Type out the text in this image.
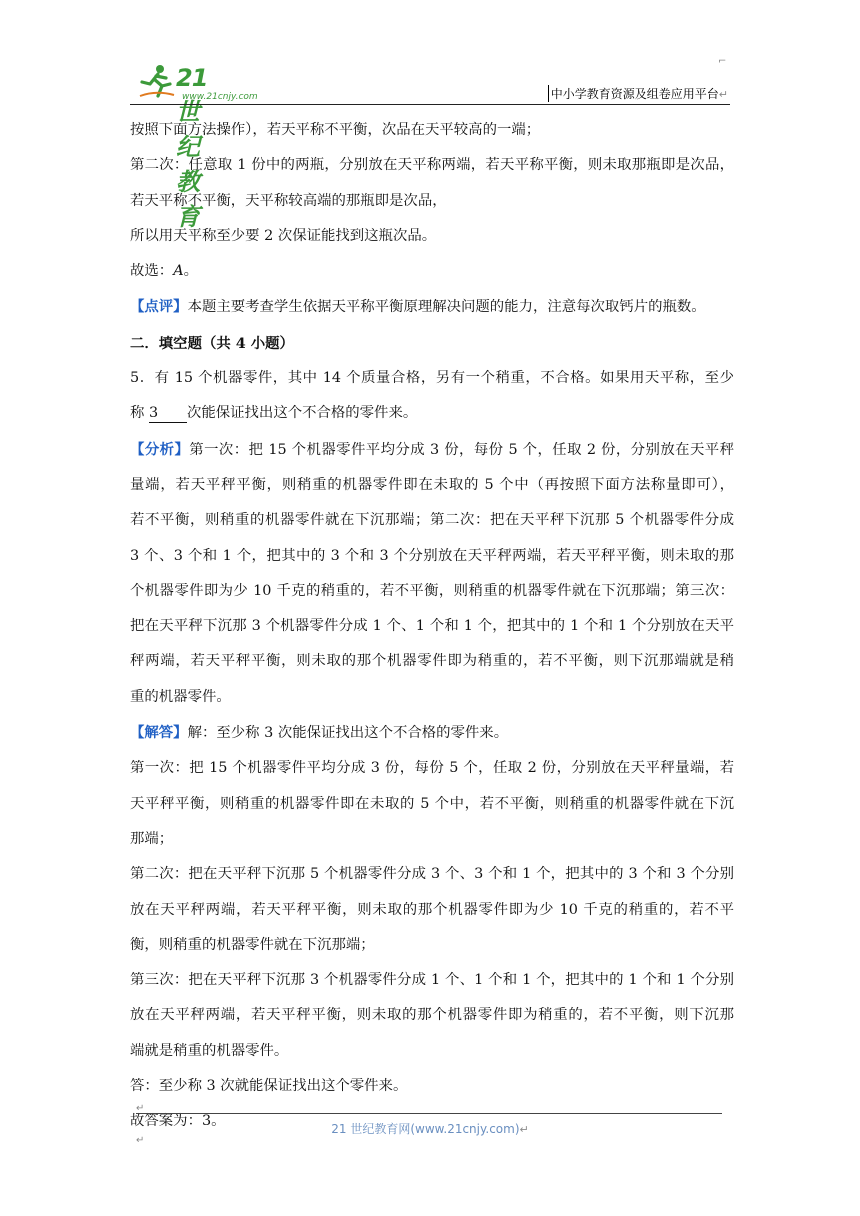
21世纪教育
www.21cnjy.com	中小学教育资源及组卷应用平台↵
⌐

按照下面方法操作），若天平称不平衡，次品在天平较高的一端；

第二次：任意取 1 份中的两瓶，分别放在天平称两端，若天平称平衡，则未取那瓶即是次品，

若天平称不平衡，天平称较高端的那瓶即是次品，

所以用天平称至少要 2 次保证能找到这瓶次品。

故选：A。

【点评】本题主要考查学生依据天平称平衡原理解决问题的能力，注意每次取钙片的瓶数。

二．填空题（共 4 小题）

5．有 15 个机器零件，其中 14 个质量合格，另有一个稍重，不合格。如果用天平称，至少

称 3 次能保证找出这个不合格的零件来。

【分析】第一次：把 15 个机器零件平均分成 3 份，每份 5 个，任取 2 份，分别放在天平秤

量端，若天平秤平衡，则稍重的机器零件即在未取的 5 个中（再按照下面方法称量即可），

若不平衡，则稍重的机器零件就在下沉那端；第二次：把在天平秤下沉那 5 个机器零件分成

3 个、3 个和 1 个，把其中的 3 个和 3 个分别放在天平秤两端，若天平秤平衡，则未取的那

个机器零件即为少 10 千克的稍重的，若不平衡，则稍重的机器零件就在下沉那端；第三次：

把在天平秤下沉那 3 个机器零件分成 1 个、1 个和 1 个，把其中的 1 个和 1 个分别放在天平

秤两端，若天平秤平衡，则未取的那个机器零件即为稍重的，若不平衡，则下沉那端就是稍

重的机器零件。

【解答】解：至少称 3 次能保证找出这个不合格的零件来。

第一次：把 15 个机器零件平均分成 3 份，每份 5 个，任取 2 份，分别放在天平秤量端，若

天平秤平衡，则稍重的机器零件即在未取的 5 个中，若不平衡，则稍重的机器零件就在下沉

那端；

第二次：把在天平秤下沉那 5 个机器零件分成 3 个、3 个和 1 个，把其中的 3 个和 3 个分别

放在天平秤两端，若天平秤平衡，则未取的那个机器零件即为少 10 千克的稍重的，若不平

衡，则稍重的机器零件就在下沉那端；

第三次：把在天平秤下沉那 3 个机器零件分成 1 个、1 个和 1 个，把其中的 1 个和 1 个分别

放在天平秤两端，若天平秤平衡，则未取的那个机器零件即为稍重的，若不平衡，则下沉那

端就是稍重的机器零件。

答：至少称 3 次就能保证找出这个零件来。

故答案为：3。

↵
21 世纪教育网(www.21cnjy.com)↵
↵
